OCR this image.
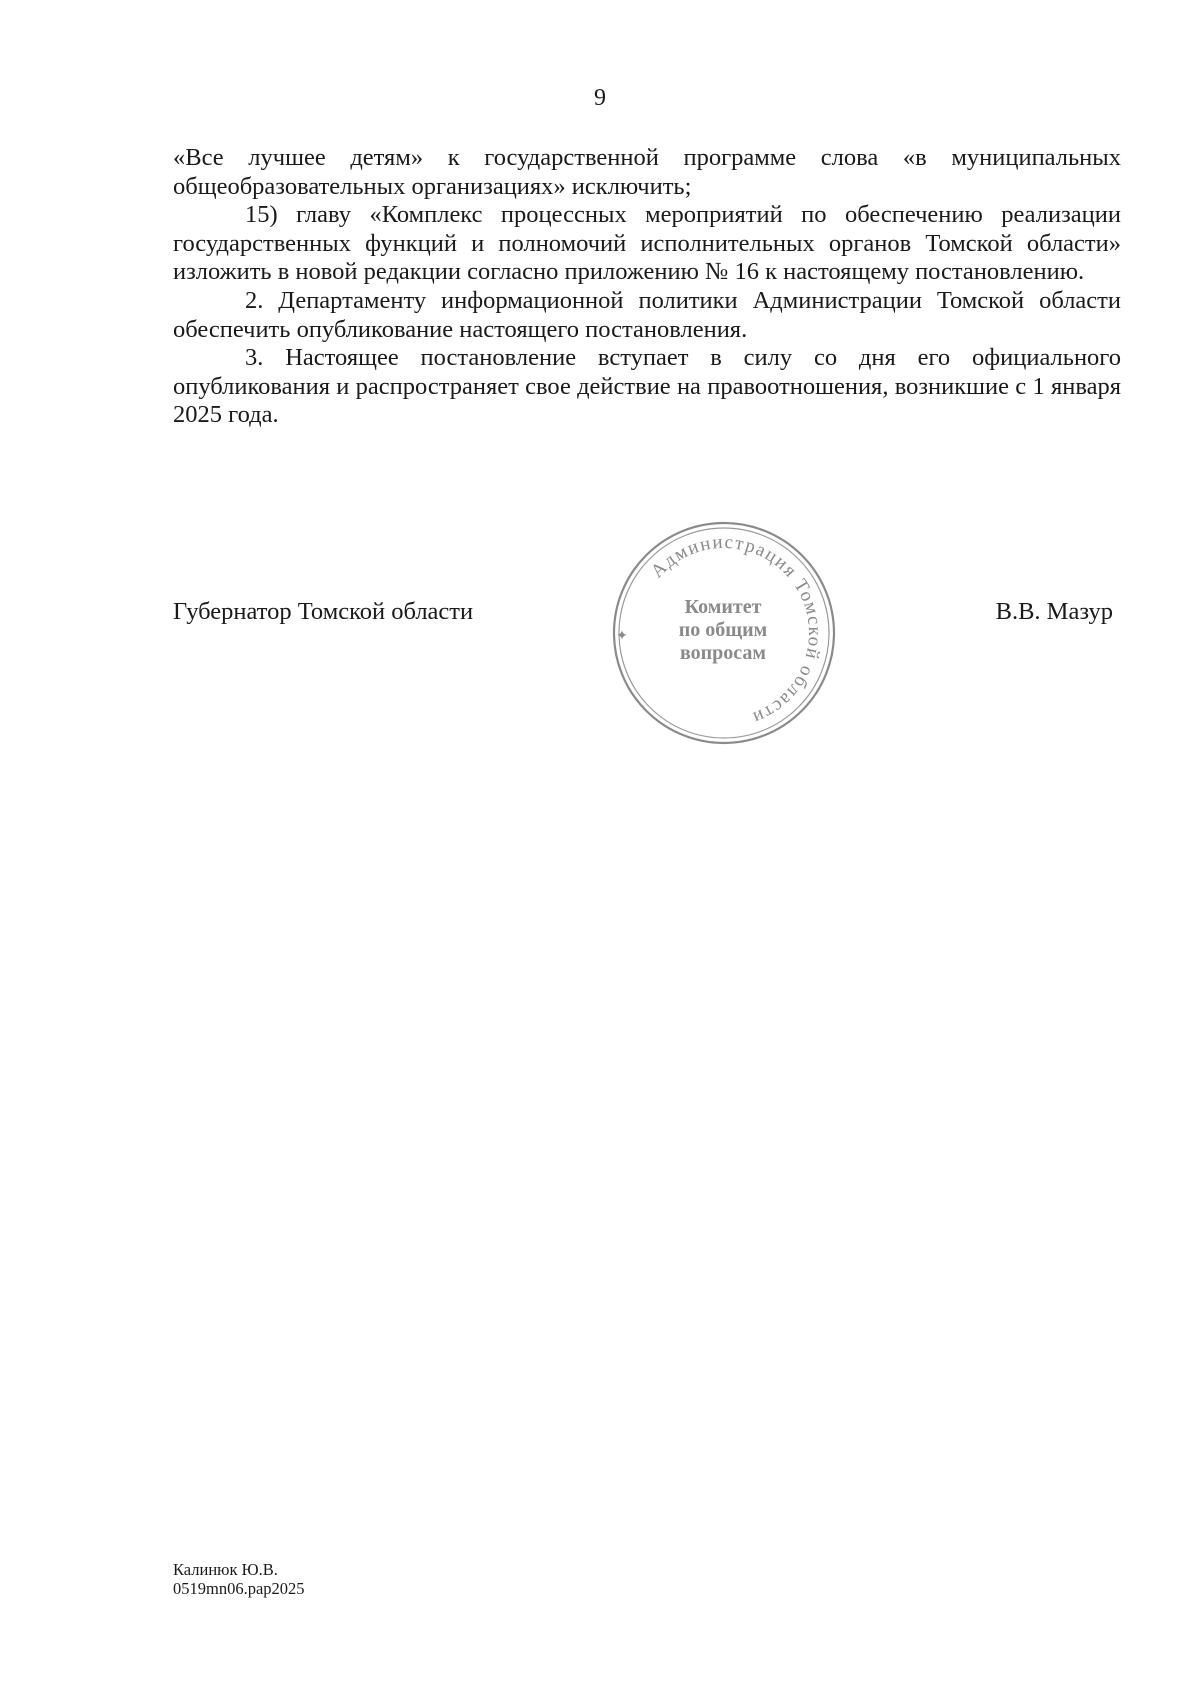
9

«Все лучшее детям» к государственной программе слова «в муниципальных общеобразовательных организациях» исключить;

15) главу «Комплекс процессных мероприятий по обеспечению реализации государственных функций и полномочий исполнительных органов Томской области» изложить в новой редакции согласно приложению № 16 к настоящему постановлению.

2. Департаменту информационной политики Администрации Томской области обеспечить опубликование настоящего постановления.

3. Настоящее постановление вступает в силу со дня его официального опубликования и распространяет свое действие на правоотношения, возникшие с 1 января 2025 года.

Губернатор Томской области	В.В. Мазур
Администрация Томской области
✦
Комитет
по общим
вопросам
Калинюк Ю.В.
0519mn06.pap2025
